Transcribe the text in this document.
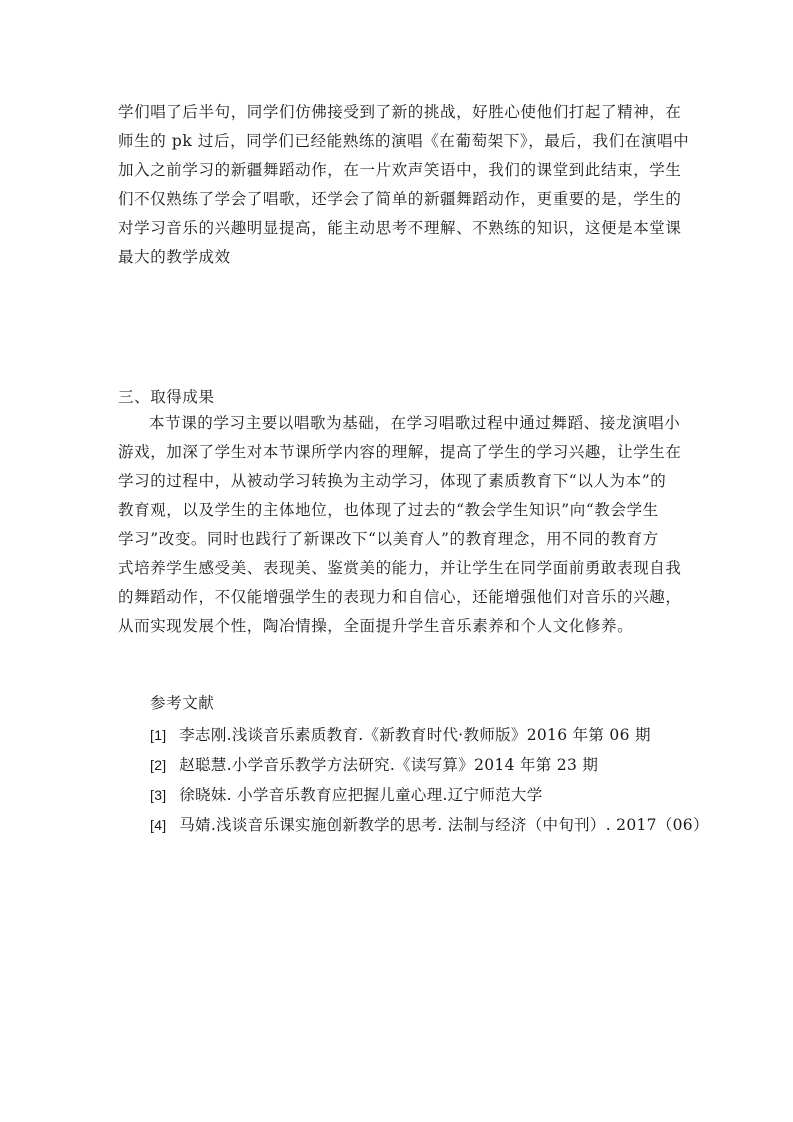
学们唱了后半句，同学们仿佛接受到了新的挑战，好胜心使他们打起了精神，在
师生的 pk 过后，同学们已经能熟练的演唱《在葡萄架下》，最后，我们在演唱中
加入之前学习的新疆舞蹈动作，在一片欢声笑语中，我们的课堂到此结束，学生
们不仅熟练了学会了唱歌，还学会了简单的新疆舞蹈动作，更重要的是，学生的
对学习音乐的兴趣明显提高，能主动思考不理解、不熟练的知识，这便是本堂课
最大的教学成效
三、取得成果
本节课的学习主要以唱歌为基础，在学习唱歌过程中通过舞蹈、接龙演唱小
游戏，加深了学生对本节课所学内容的理解，提高了学生的学习兴趣，让学生在
学习的过程中，从被动学习转换为主动学习，体现了素质教育下“以人为本”的
教育观，以及学生的主体地位，也体现了过去的“教会学生知识”向“教会学生
学习”改变。同时也践行了新课改下“以美育人”的教育理念，用不同的教育方
式培养学生感受美、表现美、鉴赏美的能力，并让学生在同学面前勇敢表现自我
的舞蹈动作，不仅能增强学生的表现力和自信心，还能增强他们对音乐的兴趣，
从而实现发展个性，陶冶情操，全面提升学生音乐素养和个人文化修养。
参考文献
[1] 李志刚.浅谈音乐素质教育.《新教育时代·教师版》2016 年第 06 期
[2] 赵聪慧.小学音乐教学方法研究.《读写算》2014 年第 23 期
[3] 徐晓妹. 小学音乐教育应把握儿童心理.辽宁师范大学
[4] 马婧.浅谈音乐课实施创新教学的思考. 法制与经济（中旬刊）. 2017（06）
